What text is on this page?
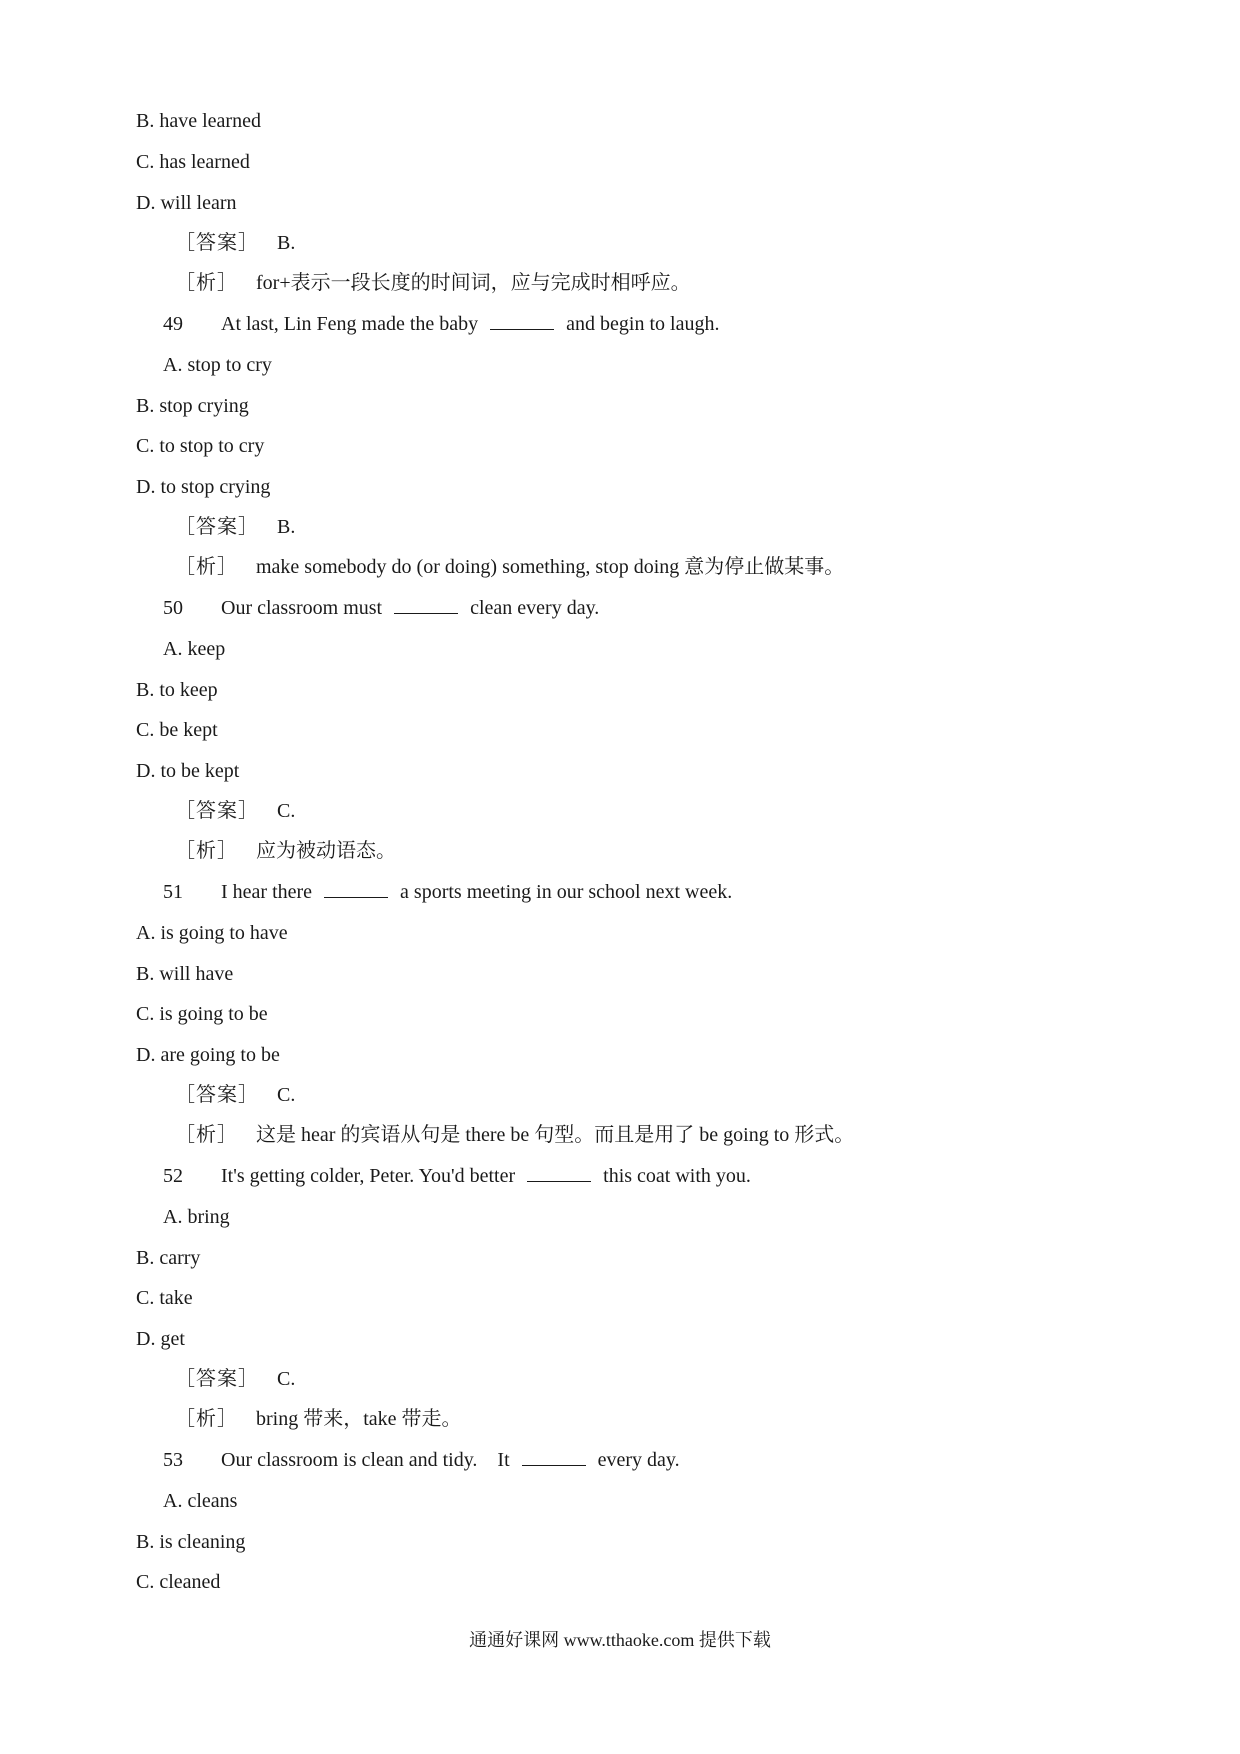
B. have learned
C. has learned
D. will learn
［答案］ B.
［析］ for+表示一段长度的时间词，应与完成时相呼应。
49 At last, Lin Feng made the baby	and begin to laugh.
A. stop to cry
B. stop crying
C. to stop to cry
D. to stop crying
［答案］ B.
［析］ make somebody do (or doing) something, stop doing 意为停止做某事。
50 Our classroom must	clean every day.
A. keep
B. to keep
C. be kept
D. to be kept
［答案］ C.
［析］ 应为被动语态。
51 I hear there	a sports meeting in our school next week.
A. is going to have
B. will have
C. is going to be
D. are going to be
［答案］ C.
［析］ 这是 hear 的宾语从句是 there be 句型。而且是用了 be going to 形式。
52 It's getting colder, Peter. You'd better	this coat with you.
A. bring
B. carry
C. take
D. get
［答案］ C.
［析］ bring 带来，take 带走。
53 Our classroom is clean and tidy.    It	every day.
A. cleans
B. is cleaning
C. cleaned
通通好课网 www.tthaoke.com 提供下载
